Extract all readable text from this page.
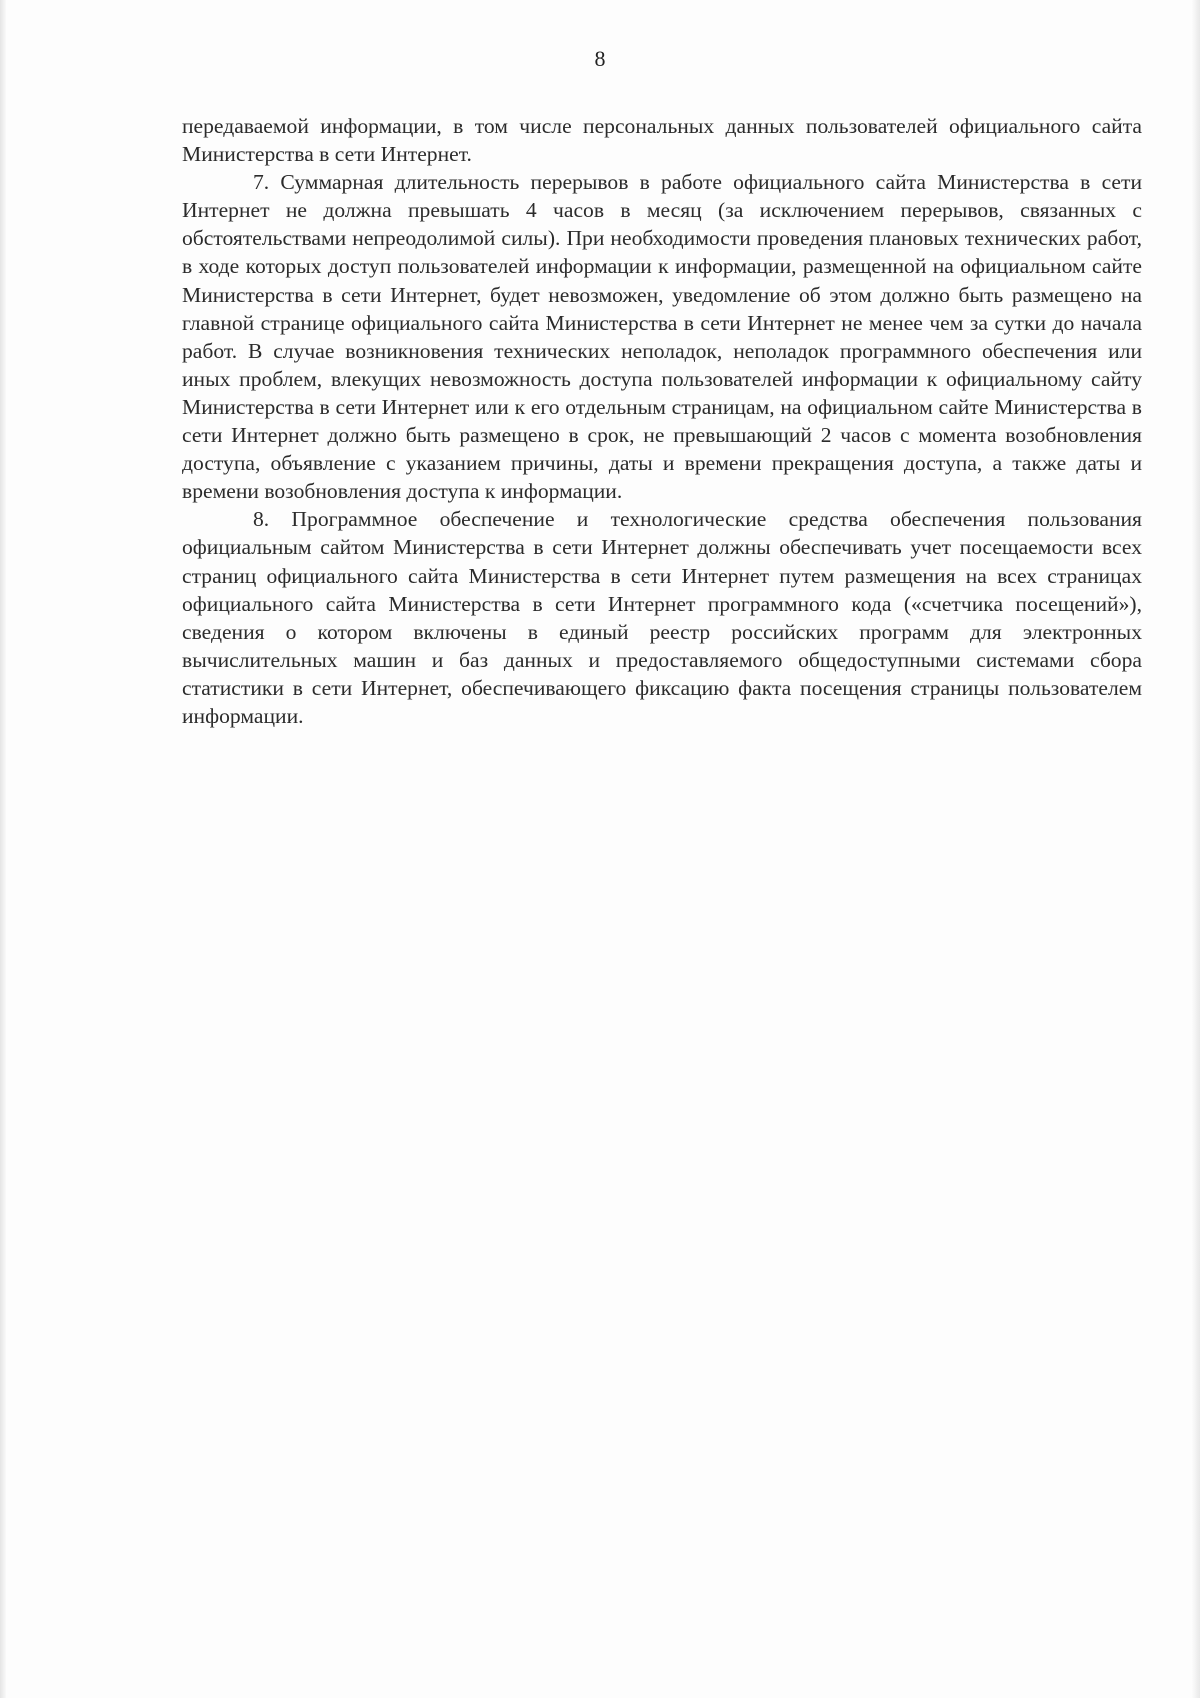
8

передаваемой информации, в том числе персональных данных пользователей официального сайта Министерства в сети Интернет.

7. Суммарная длительность перерывов в работе официального сайта Министерства в сети Интернет не должна превышать 4 часов в месяц (за исключением перерывов, связанных с обстоятельствами непреодолимой силы). При необходимости проведения плановых технических работ, в ходе которых доступ пользователей информации к информации, размещенной на официальном сайте Министерства в сети Интернет, будет невозможен, уведомление об этом должно быть размещено на главной странице официального сайта Министерства в сети Интернет не менее чем за сутки до начала работ. В случае возникновения технических неполадок, неполадок программного обеспечения или иных проблем, влекущих невозможность доступа пользователей информации к официальному сайту Министерства в сети Интернет или к его отдельным страницам, на официальном сайте Министерства в сети Интернет должно быть размещено в срок, не превышающий 2 часов с момента возобновления доступа, объявление с указанием причины, даты и времени прекращения доступа, а также даты и времени возобновления доступа к информации.

8. Программное обеспечение и технологические средства обеспечения пользования официальным сайтом Министерства в сети Интернет должны обеспечивать учет посещаемости всех страниц официального сайта Министерства в сети Интернет путем размещения на всех страницах официального сайта Министерства в сети Интернет программного кода («счетчика посещений»), сведения о котором включены в единый реестр российских программ для электронных вычислительных машин и баз данных и предоставляемого общедоступными системами сбора статистики в сети Интернет, обеспечивающего фиксацию факта посещения страницы пользователем информации.
